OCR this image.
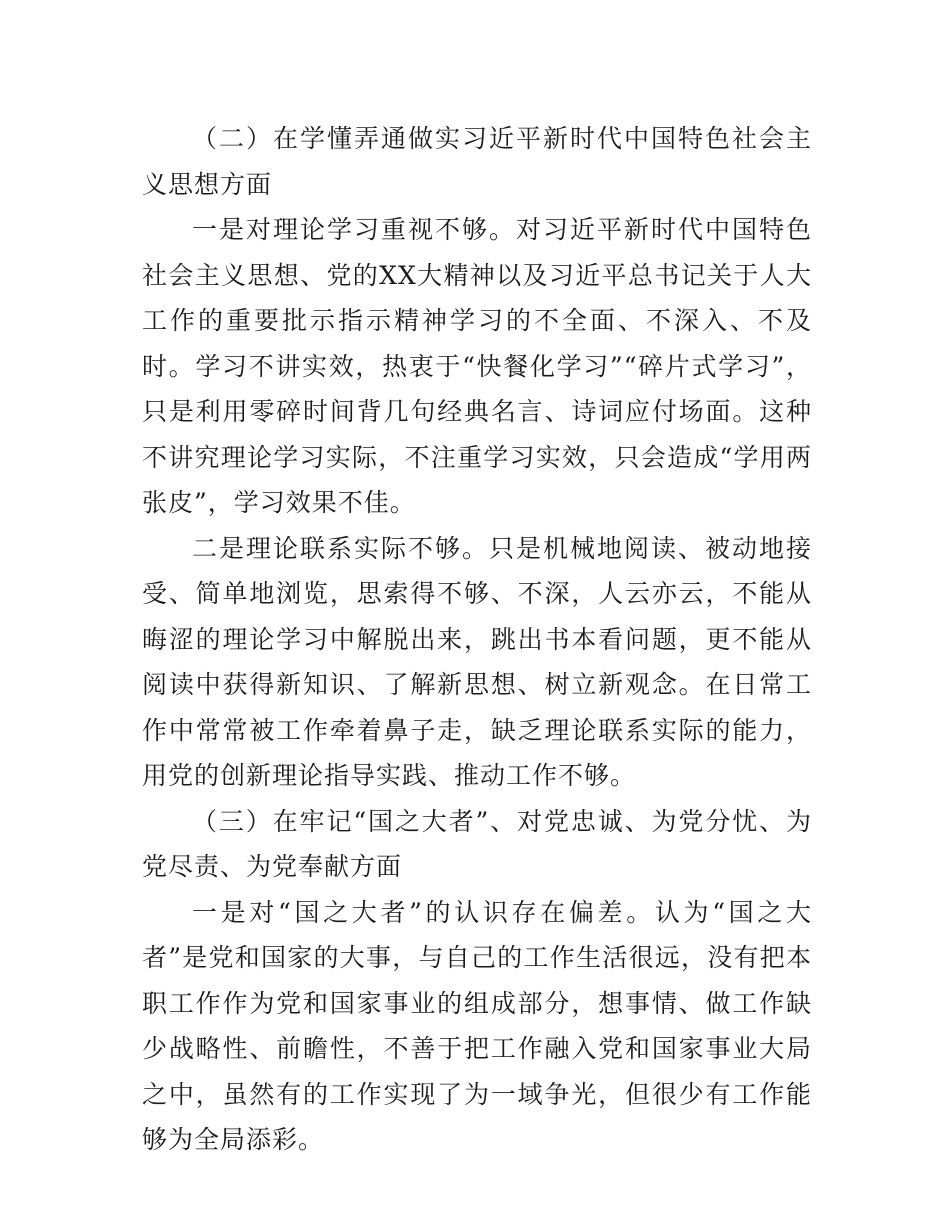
（二）在学懂弄通做实习近平新时代中国特色社会主义思想方面

一是对理论学习重视不够。对习近平新时代中国特色社会主义思想、党的XX大精神以及习近平总书记关于人大工作的重要批示指示精神学习的不全面、不深入、不及时。学习不讲实效，热衷于“快餐化学习”“碎片式学习”，只是利用零碎时间背几句经典名言、诗词应付场面。这种不讲究理论学习实际，不注重学习实效，只会造成“学用两张皮”，学习效果不佳。

二是理论联系实际不够。只是机械地阅读、被动地接受、简单地浏览，思索得不够、不深，人云亦云，不能从晦涩的理论学习中解脱出来，跳出书本看问题，更不能从阅读中获得新知识、了解新思想、树立新观念。在日常工作中常常被工作牵着鼻子走，缺乏理论联系实际的能力，用党的创新理论指导实践、推动工作不够。

（三）在牢记“国之大者”、对党忠诚、为党分忧、为党尽责、为党奉献方面

一是对“国之大者”的认识存在偏差。认为“国之大者”是党和国家的大事，与自己的工作生活很远，没有把本职工作作为党和国家事业的组成部分，想事情、做工作缺少战略性、前瞻性，不善于把工作融入党和国家事业大局之中，虽然有的工作实现了为一域争光，但很少有工作能够为全局添彩。
